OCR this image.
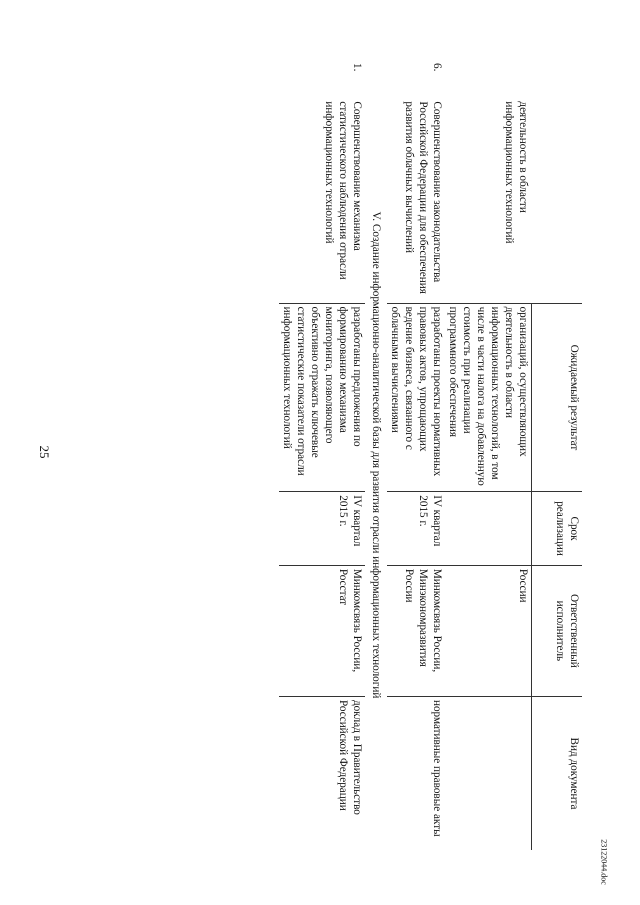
25
		Ожидаемый результат	Срок реализации	Ответственный исполнитель	Вид документа
	деятельность в области информационных технологий	организаций, осуществляющих деятельность в области информационных технологий, в том числе в части налога на добавленную стоимость при реализации программного обеспечения		России	
6.	Совершенствование законодательства Российской Федерации для обеспечения развития облачных вычислений	разработаны проекты нормативных правовых актов, упрощающих ведение бизнеса, связанного с облачными вычислениями	IV квартал 2015 г.	Минкомсвязь России, Минэкономразвития России	нормативные правовые акты
V. Создание информационно-аналитической базы для развития отрасли информационных технологий					
1.	Совершенствование механизма статистического наблюдения отрасли информационных технологий	разработаны предложения по формированию механизма мониторинга, позволяющего объективно отражать ключевые статистические показатели отрасли информационных технологий	IV квартал 2015 г.	Минкомсвязь России, Росстат	доклад в Правительство Российской Федерации
23122044.doc
